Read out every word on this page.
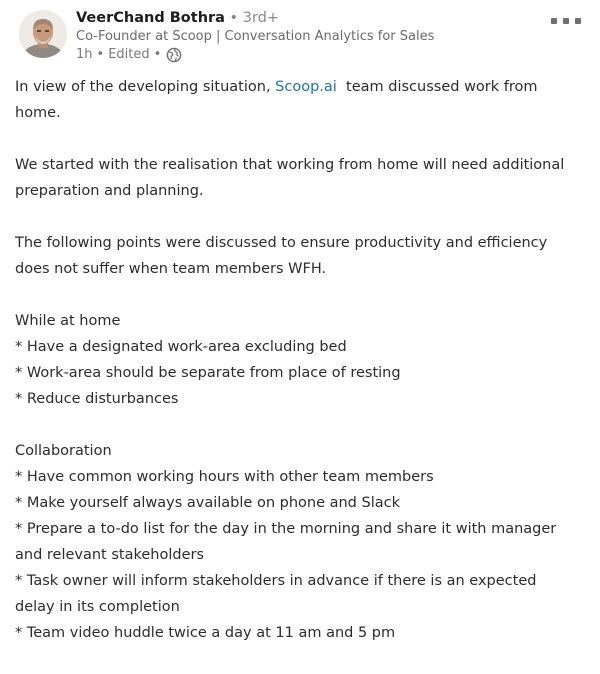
VeerChand Bothra • 3rd+
Co-Founder at Scoop | Conversation Analytics for Sales
1h • Edited •

In view of the developing situation, Scoop.ai  team discussed work from
home.

We started with the realisation that working from home will need additional
preparation and planning.

The following points were discussed to ensure productivity and efficiency
does not suffer when team members WFH.

While at home
* Have a designated work-area excluding bed
* Work-area should be separate from place of resting
* Reduce disturbances

Collaboration
* Have common working hours with other team members
* Make yourself always available on phone and Slack
* Prepare a to-do list for the day in the morning and share it with manager
and relevant stakeholders
* Task owner will inform stakeholders in advance if there is an expected
delay in its completion
* Team video huddle twice a day at 11 am and 5 pm
